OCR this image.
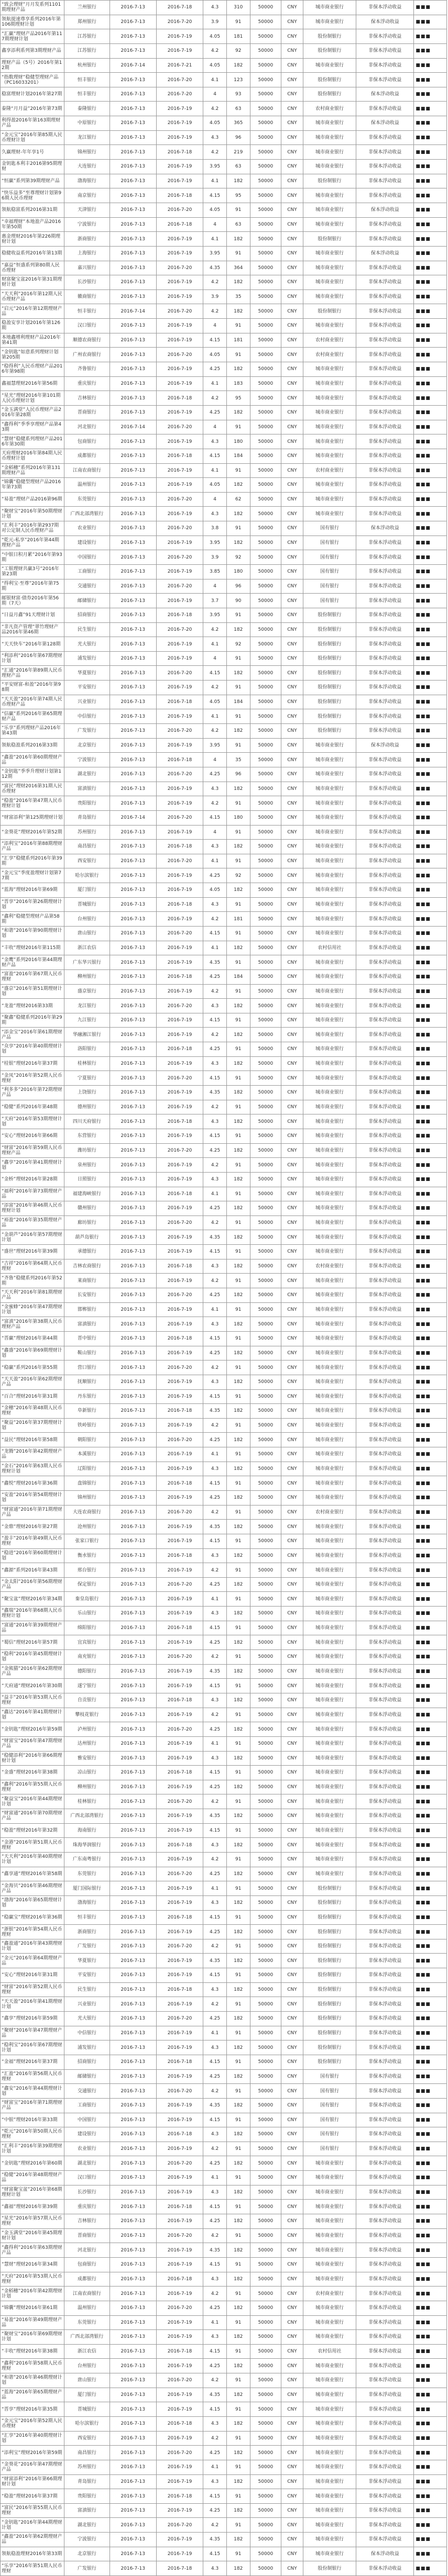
“致会理财”月月发系列1101期理财产品	兰州银行	2016-7-13	2016-7-18	4.3	310	50000	CNY	城市商业银行	非保本浮动收益	■■■
领航提速尊享系列2016年第106期理财计划	郑州银行	2016-7-13	2016-7-20	3.9	91	50000	CNY	城市商业银行	保本浮动收益	■■■
“汇赢”理财产品2016年第117期理财计划	江苏银行	2016-7-13	2016-7-19	4.05	181	50000	CNY	股份制银行	非保本浮动收益	■■■
鑫享添利系列第3期理财产品	江苏银行	2016-7-13	2016-7-19	4.2	92	50000	CNY	股份制银行	非保本浮动收益	■■■
理财产品（5号）2016年第12期	杭州银行	2016-7-14	2016-7-21	4.05	182	50000	CNY	城市商业银行	非保本浮动收益	■■■
“指数理财”稳健型理财产品（PC16033201）	恒丰银行	2016-7-13	2016-7-20	4.1	123	50000	CNY	股份制银行	非保本浮动收益	■■■
稳富理财计划2016年第27期	恒丰银行	2016-7-13	2016-7-20	4	93	50000	CNY	股份制银行	保本浮动收益	■■■
泰隆“月月益”2016年第73期	泰隆银行	2016-7-13	2016-7-19	4.2	63	50000	CNY	农村商业银行	非保本浮动收益	■■■
利得盈2016年第163期理财产品	中原银行	2016-7-13	2016-7-19	4.05	365	50000	CNY	城市商业银行	保本浮动收益	■■■
“金元宝”2016年第85期人民币理财计划	龙江银行	2016-7-13	2016-7-19	4.3	96	50000	CNY	城市商业银行	非保本浮动收益	■■■
久赢理财-年年享1号	锦州银行	2016-7-13	2016-7-18	4.2	219	50000	CNY	城市商业银行	非保本浮动收益	■■■
金钥匙本利丰2016第95期理财	大连银行	2016-7-13	2016-7-19	3.95	63	50000	CNY	城市商业银行	非保本浮动收益	■■■
“恒赢”系列第39期理财产品	渤海银行	2016-7-13	2016-7-19	4.1	182	50000	CNY	股份制银行	非保本浮动收益	■■■
“快乐益多”至尊理财计划第96期人民币理财	南京银行	2016-7-13	2016-7-18	4.15	95	50000	CNY	城市商业银行	非保本浮动收益	■■■
领航稳富系列2016第31期	天津银行	2016-7-13	2016-7-20	4.05	91	50000	CNY	城市商业银行	保本浮动收益	■■■
“幸福理财”本地盈产品2016年第50期	宁波银行	2016-7-13	2016-7-18	4	63	50000	CNY	城市商业银行	非保本浮动收益	■■■
惠金理财2016年第226期理财计划	浙商银行	2016-7-13	2016-7-19	4.1	182	50000	CNY	股份制银行	非保本浮动收益	■■■
稳健收益系列2016年第13期	上海银行	2016-7-13	2016-7-19	3.95	91	50000	CNY	城市商业银行	保本浮动收益	■■■
“嘉益”恒盛系列第80期人民币理财	嘉兴银行	2016-7-13	2016-7-20	4.35	364	50000	CNY	城市商业银行	非保本浮动收益	■■■
财富聚宝盆2016年第31期理财计划	长沙银行	2016-7-13	2016-7-19	4.2	182	50000	CNY	城市商业银行	非保本浮动收益	■■■
“天天利”2016年第12期人民币理财产品	徽商银行	2016-7-13	2016-7-19	3.9	35	50000	CNY	城市商业银行	非保本浮动收益	■■■
“启元”2016年第12期理财产品	恒丰银行	2016-7-14	2016-7-20	4.2	182	50000	CNY	股份制银行	非保本浮动收益	■■■
稳盈安享计划2016年第126期	汉口银行	2016-7-13	2016-7-19	4	91	50000	CNY	城市商业银行	非保本浮动收益	■■■
本地鑫增利理财产品2016年第41期	顺德农商银行	2016-7-13	2016-7-19	4.15	181	50000	CNY	农村商业银行	非保本浮动收益	■■■
“金钥匙”如意系列理财计划第205期	广州农商银行	2016-7-13	2016-7-20	4.05	91	50000	CNY	农村商业银行	非保本浮动收益	■■■
“稳得利”人民币理财产品2016年第98期	齐鲁银行	2016-7-13	2016-7-19	4.25	182	50000	CNY	城市商业银行	非保本浮动收益	■■■
鑫福慧理财2016年第56期	重庆银行	2016-7-13	2016-7-19	4.1	183	50000	CNY	城市商业银行	非保本浮动收益	■■■
“星光”理财2016年第101期人民币理财计划	吉林银行	2016-7-13	2016-7-18	4.2	95	50000	CNY	城市商业银行	非保本浮动收益	■■■
“金玉满堂”人民币理财产品2016年第28期	晋商银行	2016-7-13	2016-7-19	4.25	182	50000	CNY	城市商业银行	非保本浮动收益	■■■
“鑫得利”季季享理财产品第43期	河北银行	2016-7-14	2016-7-20	4	91	50000	CNY	城市商业银行	非保本浮动收益	■■■
“慧财”稳健系列理财产品2016年第30期	包商银行	2016-7-13	2016-7-19	4.3	180	50000	CNY	城市商业银行	非保本浮动收益	■■■
天府理财2016年第84期人民币理财计划	成都银行	2016-7-13	2016-7-18	4.15	184	50000	CNY	城市商业银行	非保本浮动收益	■■■
“金稻穗”系列2016年第131期理财产品	江南农商银行	2016-7-13	2016-7-19	4.1	91	50000	CNY	农村商业银行	非保本浮动收益	■■■
“锦囊”稳健型理财产品2016年第73期	温州银行	2016-7-13	2016-7-19	4.05	182	50000	CNY	城市商业银行	非保本浮动收益	■■■
“易盈”理财产品2016第96期	东莞银行	2016-7-13	2016-7-20	4	62	50000	CNY	城市商业银行	非保本浮动收益	■■■
“聚财宝”2016年第50期理财计划	广西北部湾银行	2016-7-13	2016-7-19	4.3	182	50000	CNY	城市商业银行	非保本浮动收益	■■■
“汇利丰”2016年第2937期对公定制人民币理财产品	农业银行	2016-7-13	2016-7-20	3.8	91	50000	CNY	国有银行	保本浮动收益	■■■
“乾元-私享”2016年第44期理财产品	建设银行	2016-7-13	2016-7-19	3.95	182	50000	CNY	国有银行	非保本浮动收益	■■■
“中银日积月累”2016年第93期	中国银行	2016-7-13	2016-7-20	3.9	92	50000	CNY	国有银行	非保本浮动收益	■■■
“工银理财共赢3号”2016年第23期	工商银行	2016-7-13	2016-7-19	3.85	180	50000	CNY	国有银行	非保本浮动收益	■■■
“得利宝·至尊”2016年第75期	交通银行	2016-7-13	2016-7-20	4	96	50000	CNY	国有银行	非保本浮动收益	■■■
邮银财富·债券2016年第56期（7天）	邮储银行	2016-7-13	2016-7-19	3.7	90	50000	CNY	国有银行	非保本浮动收益	■■■
“日益月鑫”91天理财计划	招商银行	2016-7-13	2016-7-18	3.95	91	50000	CNY	股份制银行	非保本浮动收益	■■■
“非凡资产管理”翠竹理财产品2016年第46期	民生银行	2016-7-13	2016-7-20	4.2	182	50000	CNY	股份制银行	非保本浮动收益	■■■
“天天快车”2016年第128期	光大银行	2016-7-13	2016-7-19	4.1	92	50000	CNY	股份制银行	非保本浮动收益	■■■
“利添利”2016年第67期理财计划	浦发银行	2016-7-13	2016-7-19	4	91	50000	CNY	股份制银行	非保本浮动收益	■■■
“汇通”2016年第89期人民币理财产品	华夏银行	2016-7-13	2016-7-20	4.15	182	50000	CNY	股份制银行	非保本浮动收益	■■■
“平安财富-和盈”2016年第98期	平安银行	2016-7-13	2016-7-19	4.2	91	50000	CNY	股份制银行	非保本浮动收益	■■■
“天天盈”2016年第74期人民币理财产品	兴业银行	2016-7-13	2016-7-18	4.05	184	50000	CNY	股份制银行	非保本浮动收益	■■■
“信赢”系列2016年第65期理财产品	中信银行	2016-7-13	2016-7-19	4.1	91	50000	CNY	股份制银行	非保本浮动收益	■■■
“乐享”系列理财产品2016年第43期	广发银行	2016-7-13	2016-7-20	4.2	182	50000	CNY	股份制银行	非保本浮动收益	■■■
领航稳盈系列2016第33期	北京银行	2016-7-13	2016-7-19	3.95	91	50000	CNY	城市商业银行	保本浮动收益	■■■
“鑫盈”2016年第60期理财产品	宁波银行	2016-7-13	2016-7-18	4	35	50000	CNY	城市商业银行	非保本浮动收益	■■■
“金钥匙”季季升理财计划第112期	湖北银行	2016-7-13	2016-7-20	4.25	96	50000	CNY	城市商业银行	非保本浮动收益	■■■
“富民”理财2016第31期人民币理财	富滇银行	2016-7-13	2016-7-19	4.3	182	50000	CNY	城市商业银行	非保本浮动收益	■■■
“稳盈”2016年第47期人民币理财计划	贵阳银行	2016-7-13	2016-7-19	4.2	91	50000	CNY	城市商业银行	非保本浮动收益	■■■
“财富添利”第125期理财计划	青岛银行	2016-7-14	2016-7-20	4.15	180	50000	CNY	城市商业银行	非保本浮动收益	■■■
“金葵花”理财2016年第52期	苏州银行	2016-7-13	2016-7-19	4	91	50000	CNY	城市商业银行	非保本浮动收益	■■■
“添利宝”2016年第88期理财产品	南昌银行	2016-7-13	2016-7-18	4.3	182	50000	CNY	城市商业银行	非保本浮动收益	■■■
“汇享”稳健系列2016年第39期	西安银行	2016-7-13	2016-7-20	4.1	91	50000	CNY	城市商业银行	非保本浮动收益	■■■
“金元宝”季度盈理财计划第77期	哈尔滨银行	2016-7-13	2016-7-19	4.25	92	50000	CNY	城市商业银行	非保本浮动收益	■■■
“蓝海”理财2016年第69期	厦门银行	2016-7-13	2016-7-19	4.05	182	50000	CNY	城市商业银行	非保本浮动收益	■■■
“晋享”2016年第26期理财计划	晋城银行	2016-7-13	2016-7-18	4.3	91	50000	CNY	城市商业银行	非保本浮动收益	■■■
“鑫利”稳健型理财产品第58期	台州银行	2016-7-13	2016-7-19	4.2	181	50000	CNY	城市商业银行	非保本浮动收益	■■■
“和谐”2016年第90期理财计划	唐山银行	2016-7-13	2016-7-20	4.15	91	50000	CNY	城市商业银行	非保本浮动收益	■■■
“丰收”理财2016年第115期	浙江农信	2016-7-13	2016-7-19	4.1	182	50000	CNY	农村信用社	非保本浮动收益	■■■
“金鹰”系列2016年第44期理财产品	广东华兴银行	2016-7-13	2016-7-19	4.35	91	50000	CNY	城市商业银行	非保本浮动收益	■■■
“富盈”2016年第67期人民币理财	柳州银行	2016-7-13	2016-7-18	4.25	184	50000	CNY	城市商业银行	非保本浮动收益	■■■
“盛京”2016年第51期理财计划	盛京银行	2016-7-13	2016-7-19	4.2	91	50000	CNY	城市商业银行	非保本浮动收益	■■■
“龙盈”理财2016第33期	龙江银行	2016-7-13	2016-7-20	4.3	182	50000	CNY	城市商业银行	非保本浮动收益	■■■
“聚鑫”稳健系列2016年第29期	九江银行	2016-7-13	2016-7-19	4.15	91	50000	CNY	城市商业银行	非保本浮动收益	■■■
“添金宝”2016年第61期理财产品	华融湘江银行	2016-7-13	2016-7-19	4.2	182	50000	CNY	城市商业银行	非保本浮动收益	■■■
“众享”2016年第40期理财计划	洛阳银行	2016-7-13	2016-7-18	4.25	91	50000	CNY	城市商业银行	非保本浮动收益	■■■
“桂银”理财2016年第37期	桂林银行	2016-7-13	2016-7-19	4.3	182	50000	CNY	城市商业银行	非保本浮动收益	■■■
“金凤”2016年第52期人民币理财	宁夏银行	2016-7-13	2016-7-20	4.15	91	50000	CNY	城市商业银行	非保本浮动收益	■■■
“利多多”2016年第72期理财产品	上饶银行	2016-7-13	2016-7-19	4.35	182	50000	CNY	城市商业银行	非保本浮动收益	■■■
“稳健”系列2016年第48期	德州银行	2016-7-13	2016-7-19	4.2	91	50000	CNY	城市商业银行	非保本浮动收益	■■■
“天府”2016年第53期理财计划	四川天府银行	2016-7-13	2016-7-18	4.3	182	50000	CNY	城市商业银行	非保本浮动收益	■■■
“安心”理财2016年第66期	东营银行	2016-7-13	2016-7-19	4.15	91	50000	CNY	城市商业银行	非保本浮动收益	■■■
“财富”2016年第59期人民币理财产品	潍坊银行	2016-7-13	2016-7-20	4.25	182	50000	CNY	城市商业银行	非保本浮动收益	■■■
“鑫享”2016年第41期理财计划	泉州银行	2016-7-13	2016-7-19	4.2	91	50000	CNY	城市商业银行	非保本浮动收益	■■■
“金桥”理财2016年第28期	日照银行	2016-7-13	2016-7-19	4.3	182	50000	CNY	城市商业银行	非保本浮动收益	■■■
“福利”2016年第73期理财产品	福建海峡银行	2016-7-13	2016-7-18	4.1	91	50000	CNY	城市商业银行	非保本浮动收益	■■■
“添富”2016年第46期人民币理财计划	赣州银行	2016-7-13	2016-7-19	4.25	182	50000	CNY	城市商业银行	非保本浮动收益	■■■
“裕盈”2016年第35期理财产品	廊坊银行	2016-7-13	2016-7-20	4.2	91	50000	CNY	城市商业银行	非保本浮动收益	■■■
“金葫芦”2016年第57期理财计划	葫芦岛银行	2016-7-13	2016-7-19	4.35	182	50000	CNY	城市商业银行	非保本浮动收益	■■■
“盛世”理财2016年第39期	承德银行	2016-7-13	2016-7-19	4.15	91	50000	CNY	城市商业银行	非保本浮动收益	■■■
“吉祥”2016年第64期人民币理财	吉林农商银行	2016-7-13	2016-7-18	4.3	182	50000	CNY	农村商业银行	非保本浮动收益	■■■
“齐鲁”稳健系列2016年第52期	莱商银行	2016-7-13	2016-7-19	4.2	91	50000	CNY	城市商业银行	非保本浮动收益	■■■
“天天利”2016年第81期理财产品	长安银行	2016-7-13	2016-7-20	4.25	182	50000	CNY	城市商业银行	非保本浮动收益	■■■
“金蜜蜂”2016年第47期理财计划	邯郸银行	2016-7-13	2016-7-19	4.1	91	50000	CNY	城市商业银行	非保本浮动收益	■■■
“富滇”2016年第38期人民币理财产品	富滇银行	2016-7-13	2016-7-19	4.3	182	50000	CNY	城市商业银行	非保本浮动收益	■■■
“晋赢”理财2016年第44期	晋中银行	2016-7-13	2016-7-18	4.15	91	50000	CNY	城市商业银行	非保本浮动收益	■■■
“鑫盛”2016年第69期理财计划	鞍山银行	2016-7-13	2016-7-19	4.25	182	50000	CNY	城市商业银行	非保本浮动收益	■■■
“稳赢”系列2016年第55期	营口银行	2016-7-13	2016-7-20	4.2	91	50000	CNY	城市商业银行	非保本浮动收益	■■■
“天天盈”2016年第62期理财产品	抚顺银行	2016-7-13	2016-7-19	4.3	182	50000	CNY	城市商业银行	非保本浮动收益	■■■
“百合”理财2016年第31期	丹东银行	2016-7-13	2016-7-19	4.15	91	50000	CNY	城市商业银行	非保本浮动收益	■■■
“金穗”2016年第48期人民币理财	阜新银行	2016-7-13	2016-7-18	4.35	182	50000	CNY	城市商业银行	非保本浮动收益	■■■
“聚益”2016年第37期理财计划	铁岭银行	2016-7-13	2016-7-19	4.2	91	50000	CNY	城市商业银行	非保本浮动收益	■■■
“益民”理财2016年第58期	朝阳银行	2016-7-13	2016-7-20	4.25	182	50000	CNY	城市商业银行	非保本浮动收益	■■■
“龙腾”2016年第42期理财产品	本溪银行	2016-7-13	2016-7-19	4.1	91	50000	CNY	城市商业银行	非保本浮动收益	■■■
“金石”2016年第63期人民币理财计划	辽阳银行	2016-7-13	2016-7-19	4.3	182	50000	CNY	城市商业银行	非保本浮动收益	■■■
“鑫悦”理财2016年第36期	盘锦银行	2016-7-13	2016-7-18	4.15	91	50000	CNY	城市商业银行	非保本浮动收益	■■■
“安盈”2016年第54期理财计划	锦州银行	2016-7-13	2016-7-19	4.25	182	50000	CNY	城市商业银行	非保本浮动收益	■■■
“财富通”2016年第71期理财产品	大连农商银行	2016-7-13	2016-7-20	4.2	91	50000	CNY	农村商业银行	非保本浮动收益	■■■
“金鼎”理财2016年第27期	沧州银行	2016-7-13	2016-7-19	4.35	182	50000	CNY	城市商业银行	非保本浮动收益	■■■
“盈丰”2016年第49期人民币理财	张家口银行	2016-7-13	2016-7-19	4.15	91	50000	CNY	城市商业银行	非保本浮动收益	■■■
“稳进”2016年第60期理财计划	衡水银行	2016-7-13	2016-7-18	4.3	182	50000	CNY	城市商业银行	非保本浮动收益	■■■
“鑫源”系列2016年第43期	邢台银行	2016-7-13	2016-7-19	4.2	91	50000	CNY	城市商业银行	非保本浮动收益	■■■
“金太阳”2016年第56期理财产品	保定银行	2016-7-13	2016-7-20	4.25	182	50000	CNY	城市商业银行	非保本浮动收益	■■■
“聚宝盆”理财2016年第34期	秦皇岛银行	2016-7-13	2016-7-19	4.1	91	50000	CNY	城市商业银行	非保本浮动收益	■■■
“鑫瑞”2016年第68期人民币理财计划	乐山银行	2016-7-13	2016-7-19	4.3	182	50000	CNY	城市商业银行	非保本浮动收益	■■■
“富通”2016年第39期理财产品	绵阳银行	2016-7-13	2016-7-18	4.15	91	50000	CNY	城市商业银行	非保本浮动收益	■■■
“蜀信”理财2016年第57期	宜宾银行	2016-7-13	2016-7-19	4.25	182	50000	CNY	城市商业银行	非保本浮动收益	■■■
“稳利”2016年第45期理财计划	南充银行	2016-7-13	2016-7-20	4.2	91	50000	CNY	城市商业银行	非保本浮动收益	■■■
“金熊猫”2016年第62期理财产品	德阳银行	2016-7-13	2016-7-19	4.35	182	50000	CNY	城市商业银行	非保本浮动收益	■■■
“天府通”理财2016年第30期	遂宁银行	2016-7-13	2016-7-19	4.15	91	50000	CNY	城市商业银行	非保本浮动收益	■■■
“益丰”2016年第53期人民币理财	自贡银行	2016-7-13	2016-7-18	4.3	182	50000	CNY	城市商业银行	非保本浮动收益	■■■
“鑫达”2016年第41期理财计划	攀枝花银行	2016-7-13	2016-7-19	4.2	91	50000	CNY	城市商业银行	非保本浮动收益	■■■
“金钥匙”理财2016年第59期	泸州银行	2016-7-13	2016-7-20	4.25	182	50000	CNY	城市商业银行	非保本浮动收益	■■■
“财富宝”2016年第47期理财产品	达州银行	2016-7-13	2016-7-19	4.1	91	50000	CNY	城市商业银行	非保本浮动收益	■■■
“稳健添利”2016年第66期理财计划	雅安银行	2016-7-13	2016-7-19	4.3	182	50000	CNY	城市商业银行	非保本浮动收益	■■■
“金盛”理财2016年第38期	凉山银行	2016-7-13	2016-7-18	4.15	91	50000	CNY	城市商业银行	非保本浮动收益	■■■
“鑫利”2016年第55期人民币理财	柳州银行	2016-7-13	2016-7-19	4.25	182	50000	CNY	城市商业银行	非保本浮动收益	■■■
“聚益宝”2016年第44期理财计划	桂林银行	2016-7-13	2016-7-20	4.2	91	50000	CNY	城市商业银行	非保本浮动收益	■■■
“财富通”2016年第70期理财产品	广西北部湾银行	2016-7-13	2016-7-19	4.35	182	50000	CNY	城市商业银行	非保本浮动收益	■■■
“稳盈”理财2016年第32期	海南银行	2016-7-13	2016-7-19	4.15	91	50000	CNY	城市商业银行	非保本浮动收益	■■■
“金港”2016年第51期人民币理财	珠海华润银行	2016-7-13	2016-7-18	4.3	182	50000	CNY	城市商业银行	非保本浮动收益	■■■
“天天利”2016年第40期理财计划	广东南粤银行	2016-7-13	2016-7-19	4.2	91	50000	CNY	城市商业银行	非保本浮动收益	■■■
“鑫享通”理财2016年第58期	东莞银行	2016-7-13	2016-7-20	4.25	182	50000	CNY	城市商业银行	非保本浮动收益	■■■
“金海贝”2016年第46期理财产品	厦门国际银行	2016-7-13	2016-7-19	4.1	91	50000	CNY	股份制银行	非保本浮动收益	■■■
“渤海”2016年第65期理财计划	渤海银行	2016-7-13	2016-7-19	4.3	182	50000	CNY	股份制银行	非保本浮动收益	■■■
“稳赢宝”理财2016年第36期	恒丰银行	2016-7-13	2016-7-18	4.15	91	50000	CNY	股份制银行	非保本浮动收益	■■■
“浙银”2016年第54期人民币理财	浙商银行	2016-7-13	2016-7-19	4.25	182	50000	CNY	股份制银行	非保本浮动收益	■■■
“鑫盈通”2016年第43期理财计划	广发银行	2016-7-13	2016-7-20	4.2	91	50000	CNY	股份制银行	非保本浮动收益	■■■
“金元”2016年第64期理财产品	华夏银行	2016-7-13	2016-7-19	4.35	182	50000	CNY	股份制银行	非保本浮动收益	■■■
“安心”理财2016年第31期	平安银行	2016-7-13	2016-7-19	4.15	91	50000	CNY	股份制银行	非保本浮动收益	■■■
“财富”2016年第52期人民币理财	民生银行	2016-7-13	2016-7-18	4.3	182	50000	CNY	股份制银行	非保本浮动收益	■■■
“天天盈”2016年第41期理财计划	兴业银行	2016-7-13	2016-7-19	4.2	91	50000	CNY	股份制银行	非保本浮动收益	■■■
“鑫享”理财2016年第59期	光大银行	2016-7-13	2016-7-20	4.25	182	50000	CNY	股份制银行	非保本浮动收益	■■■
“聚财”2016年第47期理财产品	中信银行	2016-7-13	2016-7-19	4.1	91	50000	CNY	股份制银行	非保本浮动收益	■■■
“稳利宝”2016年第67期理财计划	浦发银行	2016-7-13	2016-7-19	4.3	182	50000	CNY	股份制银行	非保本浮动收益	■■■
“金福”理财2016年第37期	招商银行	2016-7-13	2016-7-18	4.15	91	50000	CNY	股份制银行	非保本浮动收益	■■■
“汇盈”2016年第56期人民币理财	邮储银行	2016-7-13	2016-7-19	4.25	182	50000	CNY	国有银行	非保本浮动收益	■■■
“鑫安”2016年第44期理财计划	交通银行	2016-7-13	2016-7-20	4.2	91	50000	CNY	国有银行	非保本浮动收益	■■■
“财富宝”2016年第71期理财产品	工商银行	2016-7-13	2016-7-19	4.35	182	50000	CNY	国有银行	非保本浮动收益	■■■
“中银”理财2016年第33期	中国银行	2016-7-13	2016-7-19	4.15	91	50000	CNY	国有银行	非保本浮动收益	■■■
“乾元”2016年第50期人民币理财	建设银行	2016-7-13	2016-7-18	4.3	182	50000	CNY	国有银行	非保本浮动收益	■■■
“汇利丰”2016年第39期理财计划	农业银行	2016-7-13	2016-7-19	4.2	91	50000	CNY	国有银行	非保本浮动收益	■■■
“金钥匙”理财2016年第60期	湖北银行	2016-7-13	2016-7-20	4.25	182	50000	CNY	城市商业银行	非保本浮动收益	■■■
“稳健”2016年第48期理财产品	汉口银行	2016-7-13	2016-7-19	4.1	91	50000	CNY	城市商业银行	非保本浮动收益	■■■
“财富聚宝盆”2016年第68期理财计划	长沙银行	2016-7-13	2016-7-19	4.3	182	50000	CNY	城市商业银行	非保本浮动收益	■■■
“鑫福”理财2016年第39期	重庆银行	2016-7-13	2016-7-18	4.15	91	50000	CNY	城市商业银行	非保本浮动收益	■■■
“星光”2016年第57期人民币理财	吉林银行	2016-7-13	2016-7-19	4.25	182	50000	CNY	城市商业银行	非保本浮动收益	■■■
“金玉满堂”2016年第45期理财计划	晋商银行	2016-7-13	2016-7-20	4.2	91	50000	CNY	城市商业银行	非保本浮动收益	■■■
“鑫得利”2016年第63期理财产品	河北银行	2016-7-13	2016-7-19	4.35	182	50000	CNY	城市商业银行	非保本浮动收益	■■■
“慧财”理财2016年第34期	包商银行	2016-7-13	2016-7-19	4.15	91	50000	CNY	城市商业银行	非保本浮动收益	■■■
“天府”2016年第53期人民币理财	成都银行	2016-7-13	2016-7-18	4.3	182	50000	CNY	城市商业银行	非保本浮动收益	■■■
“金稻穗”2016年第42期理财计划	江南农商银行	2016-7-13	2016-7-19	4.2	91	50000	CNY	农村商业银行	非保本浮动收益	■■■
“锦囊”理财2016年第61期	温州银行	2016-7-13	2016-7-20	4.25	182	50000	CNY	城市商业银行	非保本浮动收益	■■■
“易盈”2016年第49期理财产品	东莞银行	2016-7-13	2016-7-19	4.1	91	50000	CNY	城市商业银行	非保本浮动收益	■■■
“聚财宝”2016年第69期理财计划	广西北部湾银行	2016-7-13	2016-7-19	4.3	182	50000	CNY	城市商业银行	非保本浮动收益	■■■
“丰收”理财2016年第38期	浙江农信	2016-7-13	2016-7-18	4.15	91	50000	CNY	农村信用社	非保本浮动收益	■■■
“鑫利”2016年第58期人民币理财	台州银行	2016-7-13	2016-7-19	4.25	182	50000	CNY	城市商业银行	非保本浮动收益	■■■
“和谐”2016年第46期理财计划	唐山银行	2016-7-13	2016-7-20	4.2	91	50000	CNY	城市商业银行	非保本浮动收益	■■■
“蓝海”2016年第65期理财产品	厦门银行	2016-7-13	2016-7-19	4.35	182	50000	CNY	城市商业银行	非保本浮动收益	■■■
“晋享”理财2016年第35期	晋城银行	2016-7-13	2016-7-19	4.15	91	50000	CNY	城市商业银行	非保本浮动收益	■■■
“金元宝”2016年第52期人民币理财	哈尔滨银行	2016-7-13	2016-7-18	4.3	182	50000	CNY	城市商业银行	非保本浮动收益	■■■
“汇享”2016年第40期理财计划	西安银行	2016-7-13	2016-7-19	4.2	91	50000	CNY	城市商业银行	非保本浮动收益	■■■
“添利宝”理财2016年第59期	南昌银行	2016-7-13	2016-7-20	4.25	182	50000	CNY	城市商业银行	非保本浮动收益	■■■
“金葵花”2016年第47期理财产品	苏州银行	2016-7-13	2016-7-19	4.1	91	50000	CNY	城市商业银行	非保本浮动收益	■■■
“财富添利”2016年第66期理财计划	青岛银行	2016-7-13	2016-7-19	4.3	182	50000	CNY	城市商业银行	非保本浮动收益	■■■
“稳盈”理财2016年第37期	贵阳银行	2016-7-13	2016-7-18	4.15	91	50000	CNY	城市商业银行	非保本浮动收益	■■■
“富民”2016年第55期人民币理财	富滇银行	2016-7-13	2016-7-19	4.25	182	50000	CNY	城市商业银行	非保本浮动收益	■■■
“金钥匙”2016年第44期理财计划	湖北银行	2016-7-13	2016-7-20	4.2	91	50000	CNY	城市商业银行	非保本浮动收益	■■■
“鑫盈”2016年第62期理财产品	宁波银行	2016-7-13	2016-7-19	4.35	182	50000	CNY	城市商业银行	非保本浮动收益	■■■
领航稳盈理财2016年第33期	北京银行	2016-7-13	2016-7-19	4.15	91	50000	CNY	城市商业银行	保本浮动收益	■■■
“乐享”2016年第51期人民币理财	广发银行	2016-7-13	2016-7-18	4.3	182	50000	CNY	股份制银行	非保本浮动收益	■■■
